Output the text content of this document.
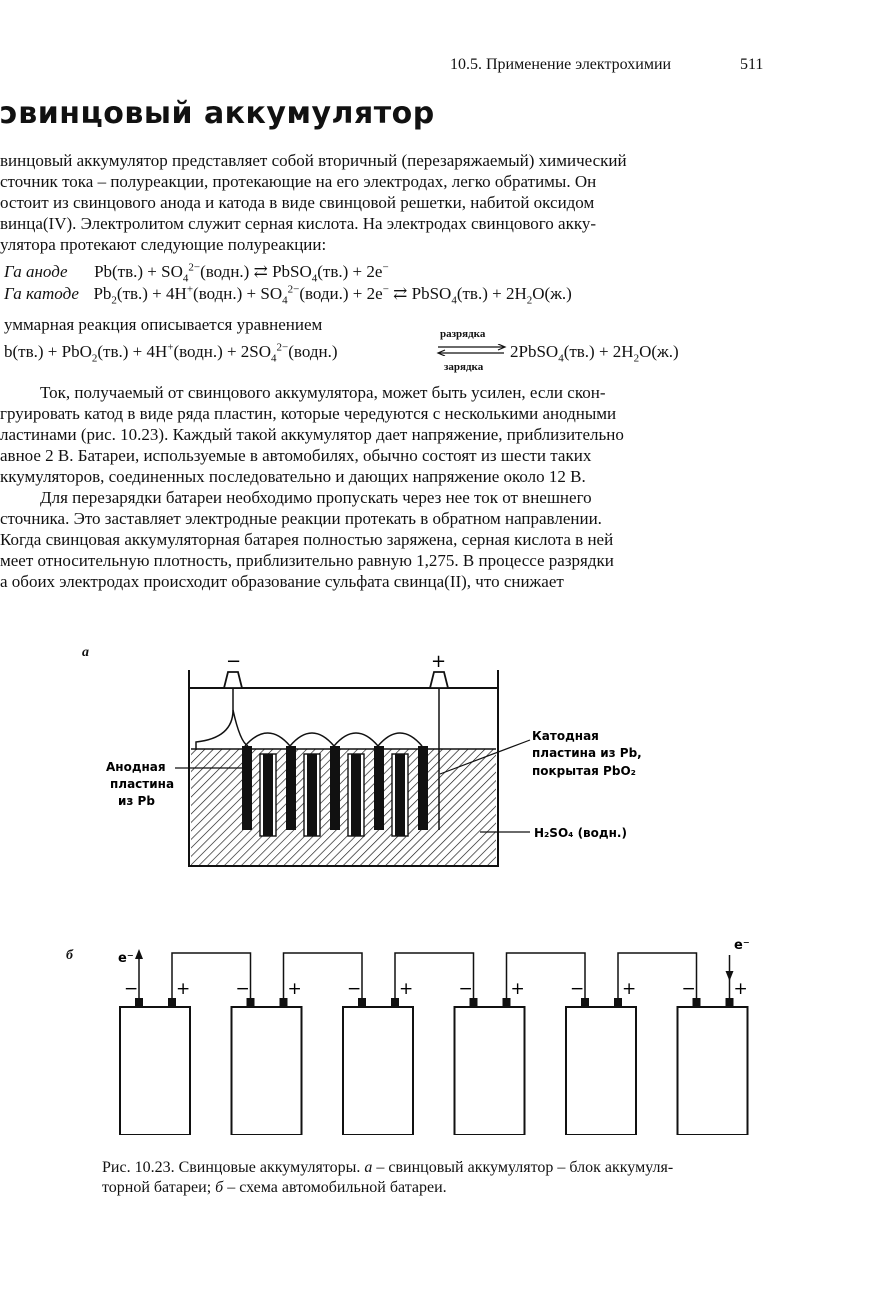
10.5. Применение электрохимии	511
ͻвинцовый аккумулятор
винцовый аккумулятор представляет собой вторичный (перезаряжаемый) химический
сточник тока – полуреакции, протекающие на его электродах, легко обратимы. Он
остоит из свинцового анода и катода в виде свинцовой решетки, набитой оксидом
винца(IV). Электролитом служит серная кислота. На электродах свинцового акку-
улятора протекают следующие полуреакции:
Га аноде $Pb(тв.) + SO_4^{2-}(водн.)$ ⇄ PbSO$_4$(тв.) + 2e−
Га катоде $Pb_2(тв.)$ + 4H+(водн.) + $SO_4^{2-}(води.) + 2e^-$ ⇄ PbSO$_4$(тв.) + $2H_2O(ж.)$
уммарная реакция описывается уравнением
b(тв.) + PbO$_2$(тв.) + 4H+(водн.) + $2SO_4^{2-}(водн.)$
разрядка
зарядка
2PbSO$_4$(тв.) + $2H_2O(ж.)$
Ток, получаемый от свинцового аккумулятора, может быть усилен, если скон-
груировать катод в виде ряда пластин, которые чередуются с несколькими анодными
ластинами (рис. 10.23). Каждый такой аккумулятор дает напряжение, приблизительно
авное 2 В. Батареи, используемые в автомобилях, обычно состоят из шести таких
ккумуляторов, соединенных последовательно и дающих напряжение около 12 В.
Для перезарядки батареи необходимо пропускать через нее ток от внешнего
сточника. Это заставляет электродные реакции протекать в обратном направлении.
Когда свинцовая аккумуляторная батарея полностью заряжена, серная кислота в ней
меет относительную плотность, приблизительно равную 1,275. В процессе разрядки
а обоих электродах происходит образование сульфата свинца(II), что снижает
а	−	+
Анодная
пластина
из Pb
Катодная
пластина из Pb,
покрытая PbO₂
H₂SO₄ (водн.)
б	e⁻
e⁻
− +	− +	− +	− +	− +	− +
Рис. 10.23. Свинцовые аккумуляторы. а – свинцовый аккумулятор – блок аккумуля-
торной батареи; б – схема автомобильной батареи.
